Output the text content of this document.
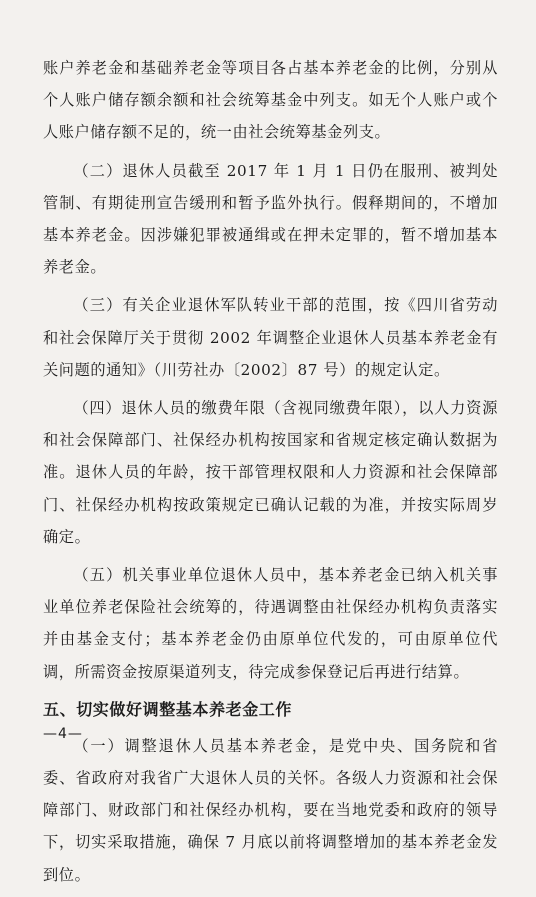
账户养老金和基础养老金等项目各占基本养老金的比例，分别从个人账户储存额余额和社会统筹基金中列支。如无个人账户或个人账户储存额不足的，统一由社会统筹基金列支。

（二）退休人员截至 2017 年 1 月 1 日仍在服刑、被判处管制、有期徒刑宣告缓刑和暂予监外执行。假释期间的，不增加基本养老金。因涉嫌犯罪被通缉或在押未定罪的，暂不增加基本养老金。

（三）有关企业退休军队转业干部的范围，按《四川省劳动和社会保障厅关于贯彻 2002 年调整企业退休人员基本养老金有关问题的通知》（川劳社办〔2002〕87 号）的规定认定。

（四）退休人员的缴费年限（含视同缴费年限），以人力资源和社会保障部门、社保经办机构按国家和省规定核定确认数据为准。退休人员的年龄，按干部管理权限和人力资源和社会保障部门、社保经办机构按政策规定已确认记载的为准，并按实际周岁确定。

（五）机关事业单位退休人员中，基本养老金已纳入机关事业单位养老保险社会统筹的，待遇调整由社保经办机构负责落实并由基金支付；基本养老金仍由原单位代发的，可由原单位代调，所需资金按原渠道列支，待完成参保登记后再进行结算。

五、切实做好调整基本养老金工作

（一）调整退休人员基本养老金，是党中央、国务院和省委、省政府对我省广大退休人员的关怀。各级人力资源和社会保障部门、财政部门和社保经办机构，要在当地党委和政府的领导下，切实采取措施，确保 7 月底以前将调整增加的基本养老金发到位。

—4—
